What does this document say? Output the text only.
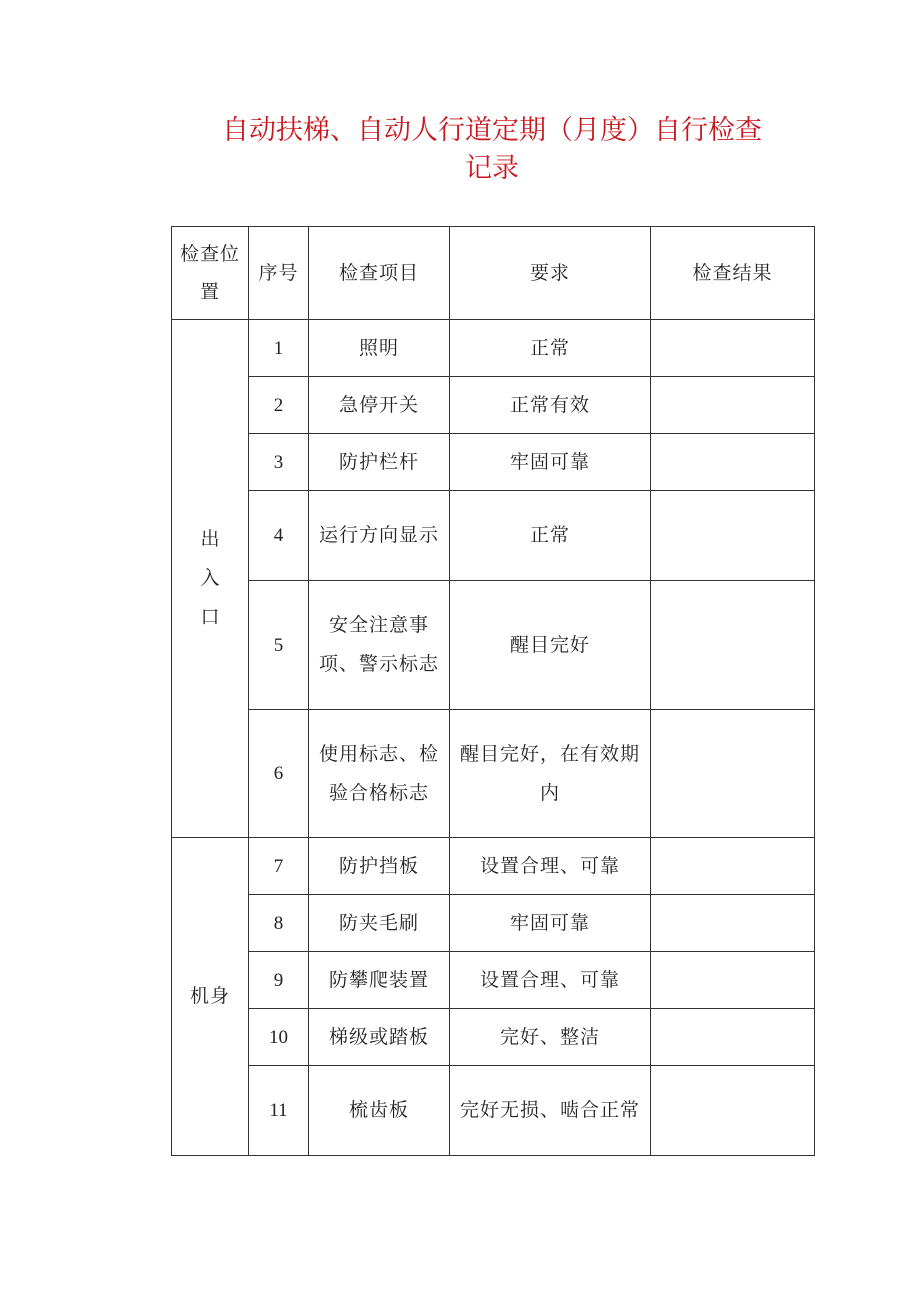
自动扶梯、自动人行道定期（月度）自行检查
记录
检查位
置	序号	检查项目	要求	检查结果

出
入
口	1	照明	正常	
	2	急停开关	正常有效	
	3	防护栏杆	牢固可靠	
	4	运行方向显示	正常	
	5	安全注意事
项、警示标志	醒目完好	
	6	使用标志、检
验合格标志	醒目完好，在有效期
内	

机身	7	防护挡板	设置合理、可靠	
	8	防夹毛刷	牢固可靠	
	9	防攀爬装置	设置合理、可靠	
	10	梯级或踏板	完好、整洁	
	11	梳齿板	完好无损、啮合正常	
